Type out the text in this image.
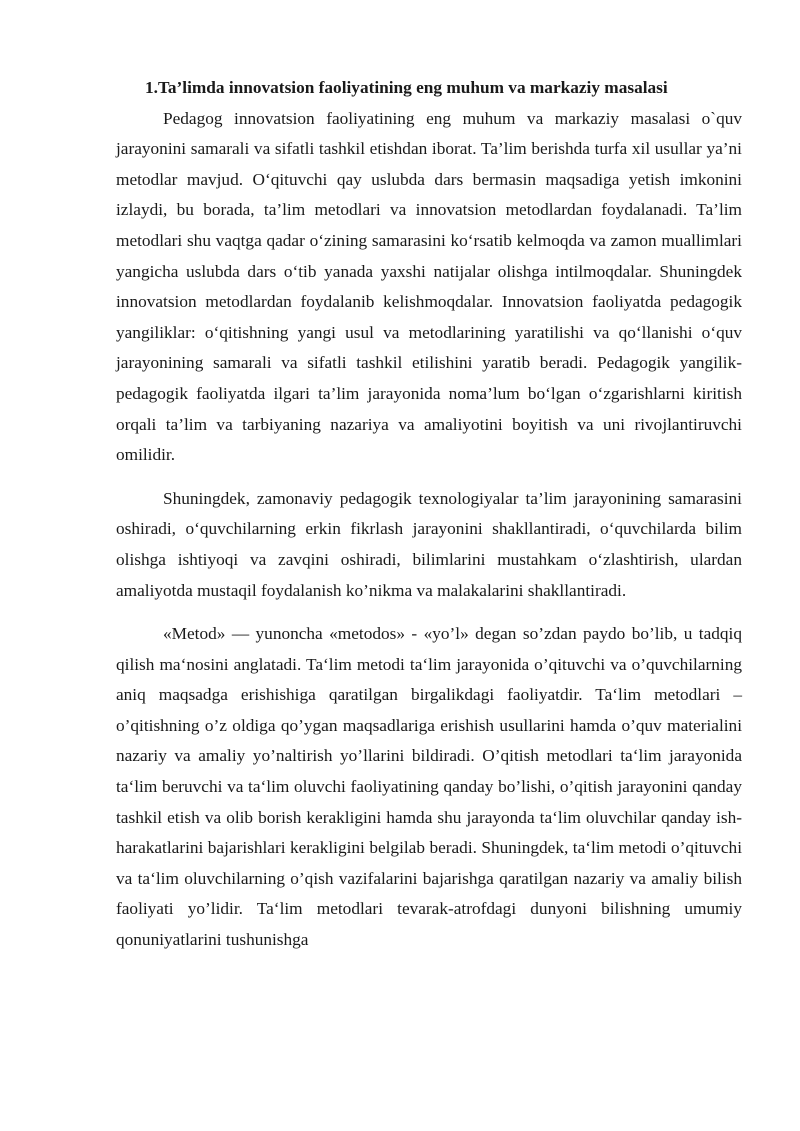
1.Ta’limda innovatsion faoliyatining eng muhum va markaziy masalasi

Pedagog innovatsion faoliyatining eng muhum va markaziy masalasi o`quv jarayonini samarali va sifatli tashkil etishdan iborat. Ta’lim berishda turfa xil usullar ya’ni metodlar mavjud. O‘qituvchi qay uslubda dars bermasin maqsadiga yetish imkonini izlaydi, bu borada, ta’lim metodlari va innovatsion metodlardan foydalanadi. Ta’lim metodlari shu vaqtga qadar o‘zining samarasini ko‘rsatib kelmoqda va zamon muallimlari yangicha uslubda dars o‘tib yanada yaxshi natijalar olishga intilmoqdalar. Shuningdek innovatsion metodlardan foydalanib kelishmoqdalar. Innovatsion faoliyatda pedagogik yangiliklar: o‘qitishning yangi usul va metodlarining yaratilishi va qo‘llanishi o‘quv jarayonining samarali va sifatli tashkil etilishini yaratib beradi. Pedagogik yangilik-pedagogik faoliyatda ilgari ta’lim jarayonida noma’lum bo‘lgan o‘zgarishlarni kiritish orqali ta’lim va tarbiyaning nazariya va amaliyotini boyitish va uni rivojlantiruvchi omilidir.

Shuningdek, zamonaviy pedagogik texnologiyalar ta’lim jarayonining samarasini oshiradi, o‘quvchilarning erkin fikrlash jarayonini shakllantiradi, o‘quvchilarda bilim olishga ishtiyoqi va zavqini oshiradi, bilimlarini mustahkam o‘zlashtirish, ulardan amaliyotda mustaqil foydalanish ko’nikma va malakalarini shakllantiradi.

«Metod» — yunoncha «metodos» - «yo’l» degan so’zdan paydo bo’lib, u tadqiq qilish ma‘nosini anglatadi. Ta‘lim metodi ta‘lim jarayonida o’qituvchi va o’quvchilarning aniq maqsadga erishishiga qaratilgan birgalikdagi faoliyatdir. Ta‘lim metodlari – o’qitishning o’z oldiga qo’ygan maqsadlariga erishish usullarini hamda o’quv materialini nazariy va amaliy yo’naltirish yo’llarini bildiradi. O’qitish metodlari ta‘lim jarayonida ta‘lim beruvchi va ta‘lim oluvchi faoliyatining qanday bo’lishi, o’qitish jarayonini qanday tashkil etish va olib borish kerakligini hamda shu jarayonda ta‘lim oluvchilar qanday ish-harakatlarini bajarishlari kerakligini belgilab beradi. Shuningdek, ta‘lim metodi o’qituvchi va ta‘lim oluvchilarning o’qish vazifalarini bajarishga qaratilgan nazariy va amaliy bilish faoliyati yo’lidir. Ta‘lim metodlari tevarak-atrofdagi dunyoni bilishning umumiy qonuniyatlarini tushunishga
